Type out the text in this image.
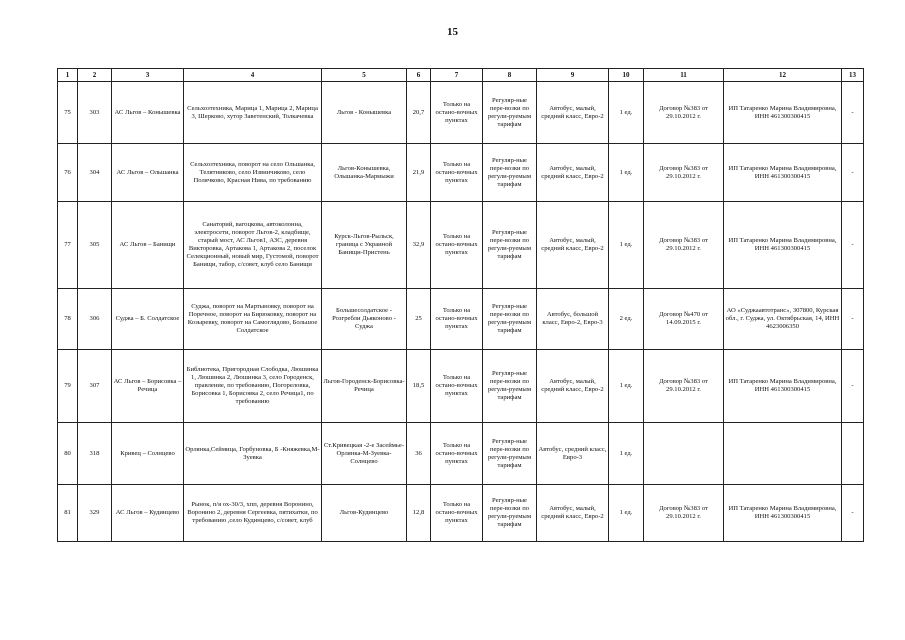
15
1	2	3	4	5	6	7	8	9	10	11	12	13
75	303	АС Льгов – Конышевка	Сельхозтехника, Марица 1, Марица 2, Марица 3, Шерково, хутор Заветенский, Толкачевка	Льгов - Конышевка	20,7	Только на остано-вочных пунктах	Регуляр-ные пере-возки по регули-руемым тарифам	Автобус, малый, средний класс, Евро-2	1 ед.	Договор №383 от 29.10.2012 г.	ИП Татаренко Марина Владимировна, ИНН 461300300415	-
76	304	АС Льгов – Ольшанка	Сельхозтехника, поворот на село Ольшанка, Телятниково, село Извинчиково, село Полячково, Красная Нива, по требованию	Льгов-Конышевка, Ольшанка-Мармыжи	21,9	Только на остано-вочных пунктах	Регуляр-ные пере-возки по регули-руемым тарифам	Автобус, малый, средний класс, Евро-2	1 ед.	Договор №383 от 29.10.2012 г.	ИП Татаренко Марина Владимировна, ИНН 461300300415	-
77	305	АС Льгов – Банищи	Санаторий, вагоцкова, автоколонна, электросети, поворот Льгов-2, кладбище, старый мост, АС Льгов1, АЗС, деревня Викторовка, Артакова 1, Артакова 2, поселок Селекционный, новый мир, Густомой, поворот Банищи, табор, с/совет, клуб село Банищи	Курск-Льгов-Рыльск, граница с Украиной Банищи-Пристень	32,9	Только на остано-вочных пунктах	Регуляр-ные пере-возки по регули-руемым тарифам	Автобус, малый, средний класс, Евро-2	1 ед.	Договор №383 от 29.10.2012 г.	ИП Татаренко Марина Владимировна, ИНН 461300300415	-
78	306	Суджа – Б. Солдатское	Суджа, поворот на Мартыновку, поворот на Поречное, поворот на Бирюковку, поворот на Козыревку, поворот на Самоглядово, Большое Солдатское	Большесолдатское - Розгребли Дьяконово - Суджа	25	Только на остано-вочных пунктах	Регуляр-ные пере-возки по регули-руемым тарифам	Автобус, большой класс, Евро-2, Евро-3	2 ед.	Договор №470 от 14.09.2015 г.	АО «Суджаавтотранс», 307800, Курская обл., г. Суджа, ул. Октябрьская, 14, ИНН 4623006350	-
79	307	АС Льгов – Борисовка – Речица	Библиотека, Пригородная Слободка, Люшинка 1, Люшинка 2, Люшинка 3, село Городенск, правление, по требованию, Погореловка, Борисовка 1, Борисовка 2, село Речица1, по требованию	Льгов-Городенск-Борисовка-Речица	18,5	Только на остано-вочных пунктах	Регуляр-ные пере-возки по регули-руемым тарифам	Автобус, малый, средний класс, Евро-2	1 ед.	Договор №383 от 29.10.2012 г.	ИП Татаренко Марина Владимировна, ИНН 461300300415	-
80	318	Кривец – Солнцево	Орлянка,Сеймица, Горбуновка, Б -Княжевка,М-Зуевка	Ст.Кривецкая -2-е Засеймье-Орлянка-М-Зуевка- Солнцево	36	Только на остано-вочных пунктах	Регуляр-ные пере-возки по регули-руемым тарифам	Автобус, средний класс, Евро-3	1 ед.			
81	329	АС Льгов – Кудинцево	Рынок, п/я ох-30/3, хпп, деревня Воронино, Воронино 2, деревня Сергеевка, пятихатки, по требованию ,село Кудинцево, с/совет, клуб	Льгов-Кудинцево	12,8	Только на остано-вочных пунктах	Регуляр-ные пере-возки по регули-руемым тарифам	Автобус, малый, средний класс, Евро-2	1 ед.	Договор №383 от 29.10.2012 г.	ИП Татаренко Марина Владимировна, ИНН 461300300415	-
